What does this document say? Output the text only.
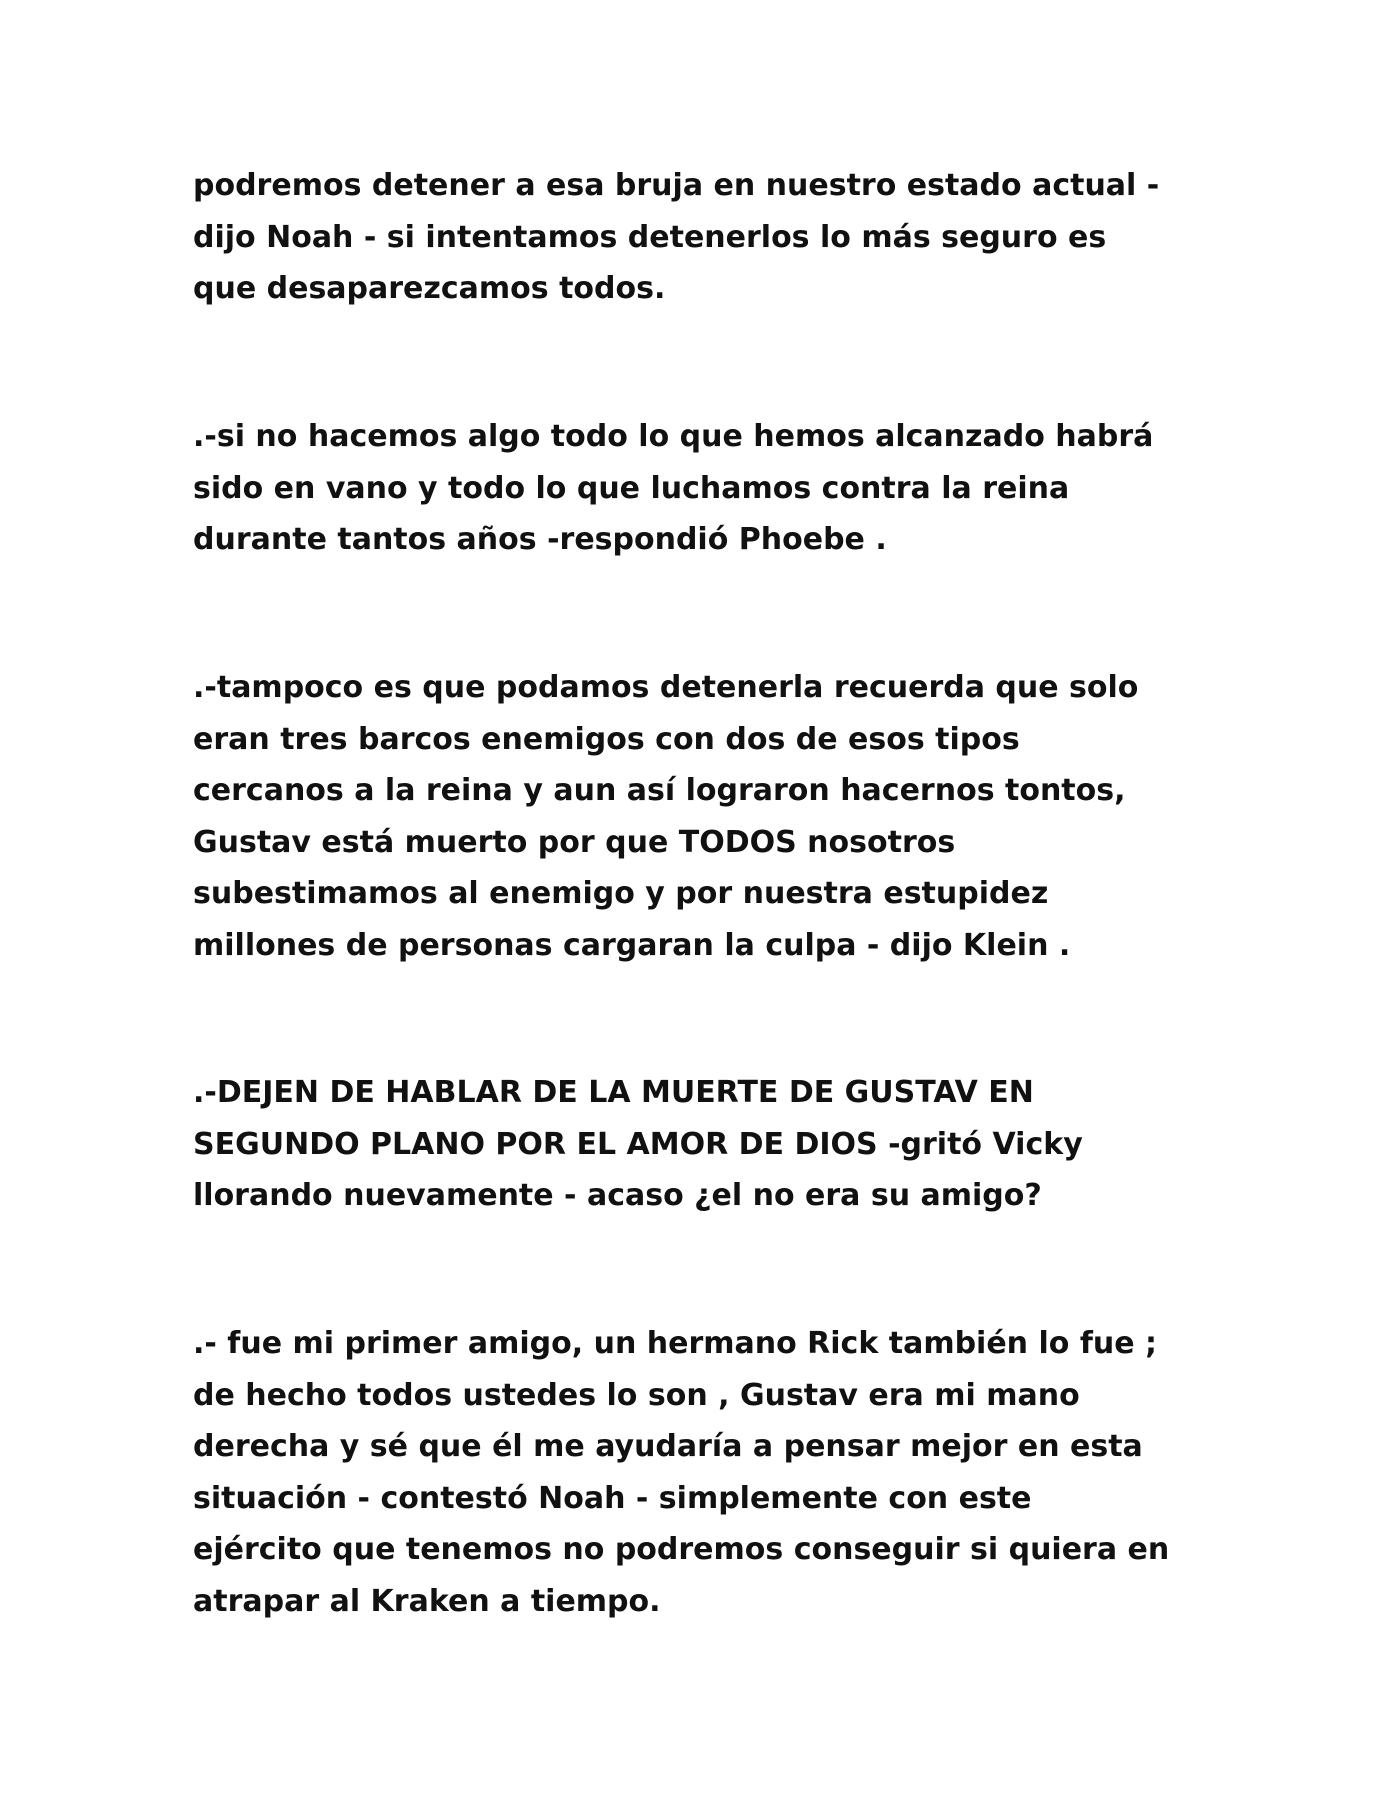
podremos detener a esa bruja en nuestro estado actual -
dijo Noah - si intentamos detenerlos lo más seguro es
que desaparezcamos todos.

.-si no hacemos algo todo lo que hemos alcanzado habrá
sido en vano y todo lo que luchamos contra la reina
durante tantos años -respondió Phoebe .

.-tampoco es que podamos detenerla recuerda que solo
eran tres barcos enemigos con dos de esos tipos
cercanos a la reina y aun así lograron hacernos tontos,
Gustav está muerto por que TODOS nosotros
subestimamos al enemigo y por nuestra estupidez
millones de personas cargaran la culpa - dijo Klein .

.-DEJEN DE HABLAR DE LA MUERTE DE GUSTAV EN
SEGUNDO PLANO POR EL AMOR DE DIOS -gritó Vicky
llorando nuevamente - acaso ¿el no era su amigo?

.- fue mi primer amigo, un hermano Rick también lo fue ;
de hecho todos ustedes lo son , Gustav era mi mano
derecha y sé que él me ayudaría a pensar mejor en esta
situación - contestó Noah - simplemente con este
ejército que tenemos no podremos conseguir si quiera en
atrapar al Kraken a tiempo.
